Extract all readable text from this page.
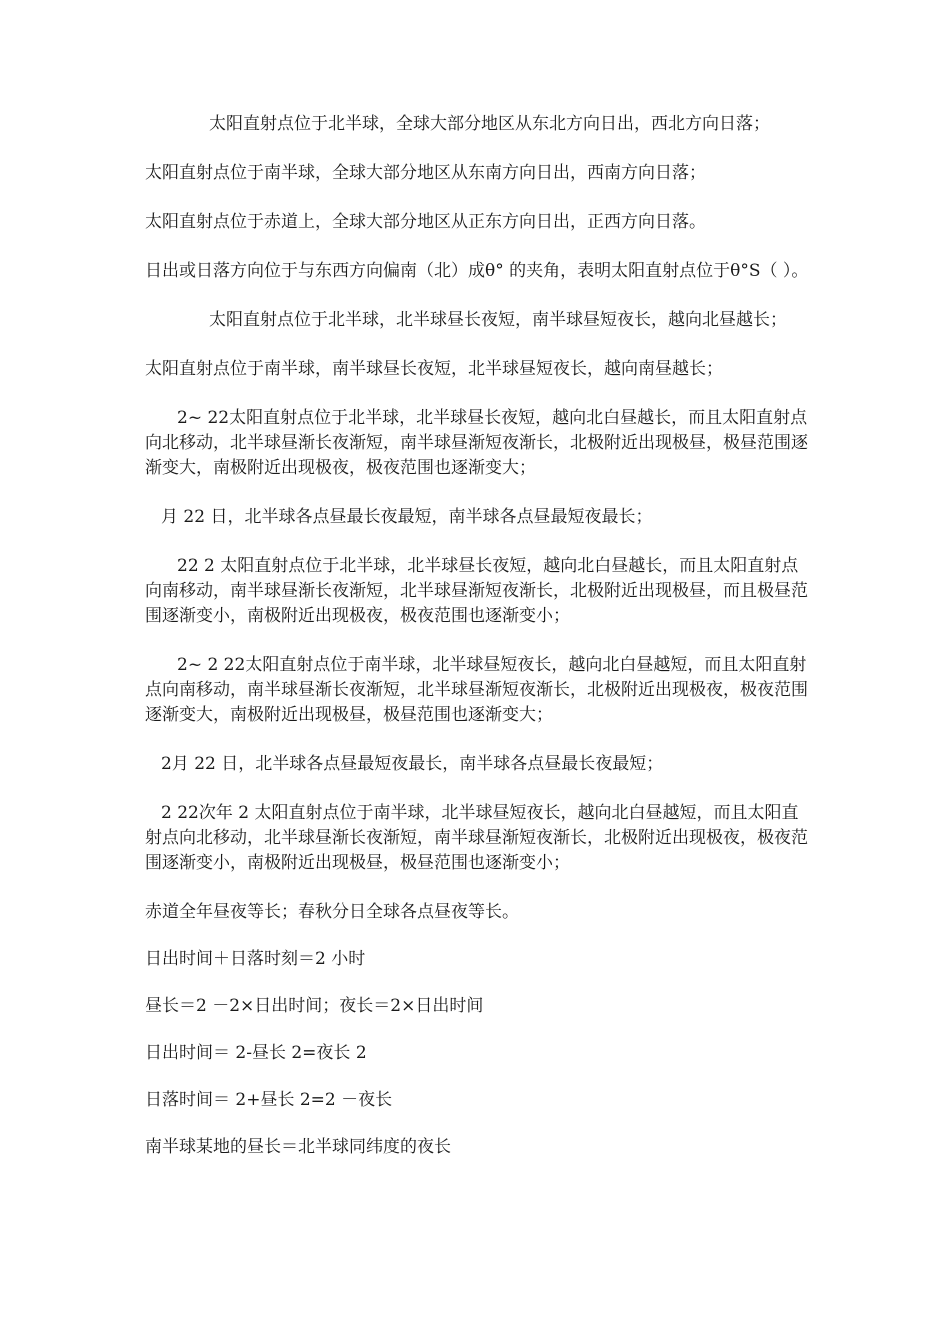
太阳直射点位于北半球，全球大部分地区从东北方向日出，西北方向日落；

太阳直射点位于南半球，全球大部分地区从东南方向日出，西南方向日落；

太阳直射点位于赤道上，全球大部分地区从正东方向日出，正西方向日落。

日出或日落方向位于与东西方向偏南（北）成θ° 的夹角，表明太阳直射点位于θ°S（ ）。

太阳直射点位于北半球，北半球昼长夜短，南半球昼短夜长，越向北昼越长；

太阳直射点位于南半球，南半球昼长夜短，北半球昼短夜长，越向南昼越长；

2~ 22太阳直射点位于北半球，北半球昼长夜短，越向北白昼越长，而且太阳直射点向北移动，北半球昼渐长夜渐短，南半球昼渐短夜渐长，北极附近出现极昼，极昼范围逐渐变大，南极附近出现极夜，极夜范围也逐渐变大；

月 22 日，北半球各点昼最长夜最短，南半球各点昼最短夜最长；

22 2 太阳直射点位于北半球，北半球昼长夜短，越向北白昼越长，而且太阳直射点向南移动，南半球昼渐长夜渐短，北半球昼渐短夜渐长，北极附近出现极昼，而且极昼范围逐渐变小，南极附近出现极夜，极夜范围也逐渐变小；

2~ 2 22太阳直射点位于南半球，北半球昼短夜长，越向北白昼越短，而且太阳直射点向南移动，南半球昼渐长夜渐短，北半球昼渐短夜渐长，北极附近出现极夜，极夜范围逐渐变大，南极附近出现极昼，极昼范围也逐渐变大；

2月 22 日，北半球各点昼最短夜最长，南半球各点昼最长夜最短；

2 22次年 2 太阳直射点位于南半球，北半球昼短夜长，越向北白昼越短，而且太阳直射点向北移动，北半球昼渐长夜渐短，南半球昼渐短夜渐长，北极附近出现极夜，极夜范围逐渐变小，南极附近出现极昼，极昼范围也逐渐变小；

赤道全年昼夜等长；春秋分日全球各点昼夜等长。

日出时间＋日落时刻＝2 小时

昼长＝2 －2×日出时间；夜长＝2×日出时间

日出时间＝ 2-昼长 2=夜长 2

日落时间＝ 2+昼长 2=2 －夜长

南半球某地的昼长＝北半球同纬度的夜长
